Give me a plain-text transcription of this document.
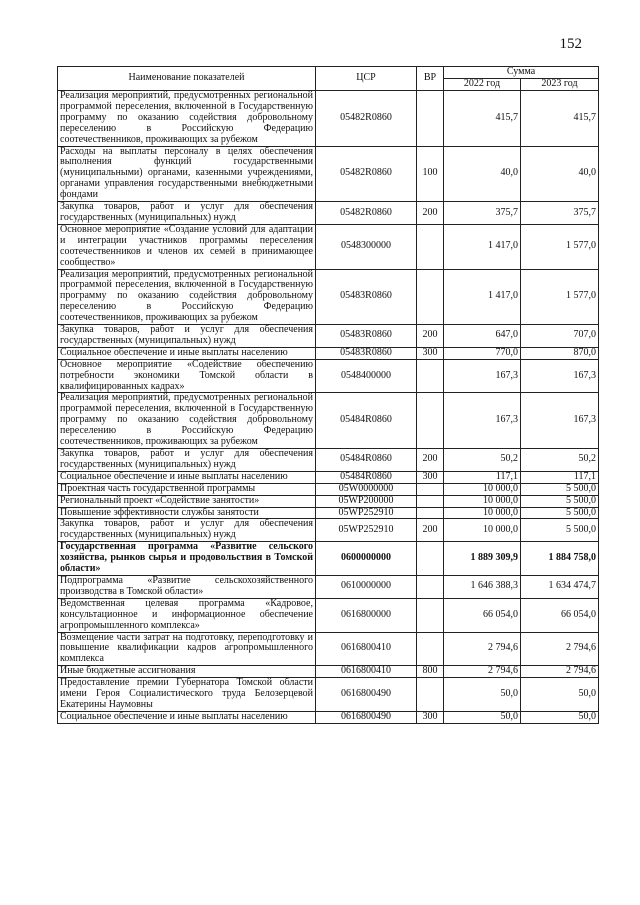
152
Наименование показателей	ЦСР	ВР	Сумма	
			2022 год	2023 год
Реализация мероприятий, предусмотренных региональной программой переселения, включенной в Государственную программу по оказанию содействия добровольному переселению в Российскую Федерацию соотечественников, проживающих за рубежом	05482R0860		415,7	415,7
Расходы на выплаты персоналу в целях обеспечения выполнения функций государственными (муниципальными) органами, казенными учреждениями, органами управления государственными внебюджетными фондами	05482R0860	100	40,0	40,0
Закупка товаров, работ и услуг для обеспечения государственных (муниципальных) нужд	05482R0860	200	375,7	375,7
Основное мероприятие «Создание условий для адаптации и интеграции участников программы переселения соотечественников и членов их семей в принимающее сообщество»	0548300000		1 417,0	1 577,0
Реализация мероприятий, предусмотренных региональной программой переселения, включенной в Государственную программу по оказанию содействия добровольному переселению в Российскую Федерацию соотечественников, проживающих за рубежом	05483R0860		1 417,0	1 577,0
Закупка товаров, работ и услуг для обеспечения государственных (муниципальных) нужд	05483R0860	200	647,0	707,0
Социальное обеспечение и иные выплаты населению	05483R0860	300	770,0	870,0
Основное мероприятие «Содействие обеспечению потребности экономики Томской области в квалифицированных кадрах»	0548400000		167,3	167,3
Реализация мероприятий, предусмотренных региональной программой переселения, включенной в Государственную программу по оказанию содействия добровольному переселению в Российскую Федерацию соотечественников, проживающих за рубежом	05484R0860		167,3	167,3
Закупка товаров, работ и услуг для обеспечения государственных (муниципальных) нужд	05484R0860	200	50,2	50,2
Социальное обеспечение и иные выплаты населению	05484R0860	300	117,1	117,1
Проектная часть государственной программы	05W0000000		10 000,0	5 500,0
Региональный проект «Содействие занятости»	05WP200000		10 000,0	5 500,0
Повышение эффективности службы занятости	05WP252910		10 000,0	5 500,0
Закупка товаров, работ и услуг для обеспечения государственных (муниципальных) нужд	05WP252910	200	10 000,0	5 500,0
Государственная программа «Развитие сельского хозяйства, рынков сырья и продовольствия в Томской области»	0600000000		1 889 309,9	1 884 758,0
Подпрограмма «Развитие сельскохозяйственного производства в Томской области»	0610000000		1 646 388,3	1 634 474,7
Ведомственная целевая программа «Кадровое, консультационное и информационное обеспечение агропромышленного комплекса»	0616800000		66 054,0	66 054,0
Возмещение части затрат на подготовку, переподготовку и повышение квалификации кадров агропромышленного комплекса	0616800410		2 794,6	2 794,6
Иные бюджетные ассигнования	0616800410	800	2 794,6	2 794,6
Предоставление премии Губернатора Томской области имени Героя Социалистического труда Белозерцевой Екатерины Наумовны	0616800490		50,0	50,0
Социальное обеспечение и иные выплаты населению	0616800490	300	50,0	50,0
